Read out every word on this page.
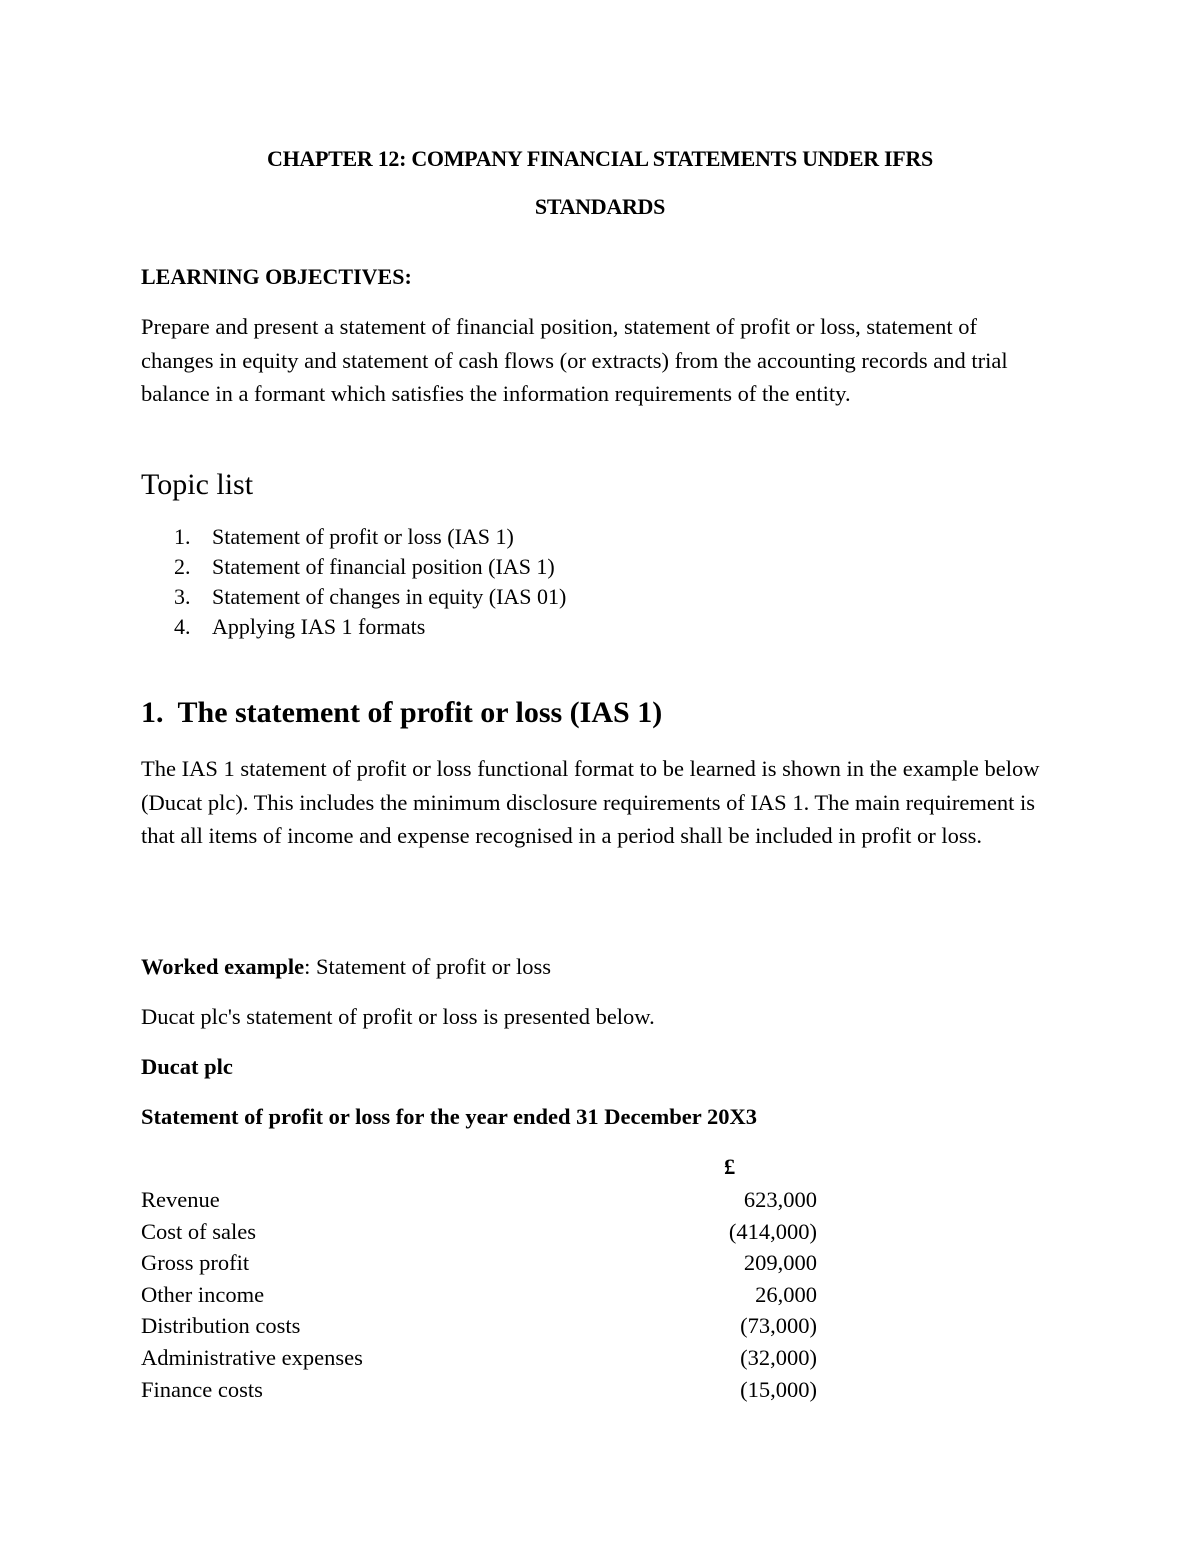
CHAPTER 12: COMPANY FINANCIAL STATEMENTS UNDER IFRS
STANDARDS

LEARNING OBJECTIVES:

Prepare and present a statement of financial position, statement of profit or loss, statement of changes in equity and statement of cash flows (or extracts) from the accounting records and trial balance in a formant which satisfies the information requirements of the entity.

Topic list
1. Statement of profit or loss (IAS 1)
2. Statement of financial position (IAS 1)
3. Statement of changes in equity (IAS 01)
4. Applying IAS 1 formats
1. The statement of profit or loss (IAS 1)

The IAS 1 statement of profit or loss functional format to be learned is shown in the example below (Ducat plc). This includes the minimum disclosure requirements of IAS 1. The main requirement is that all items of income and expense recognised in a period shall be included in profit or loss.

Worked example: Statement of profit or loss

Ducat plc's statement of profit or loss is presented below.

Ducat plc

Statement of profit or loss for the year ended 31 December 20X3

£
Revenue	623,000
Cost of sales	(414,000)
Gross profit	209,000
Other income	26,000
Distribution costs	(73,000)
Administrative expenses	(32,000)
Finance costs	(15,000)
